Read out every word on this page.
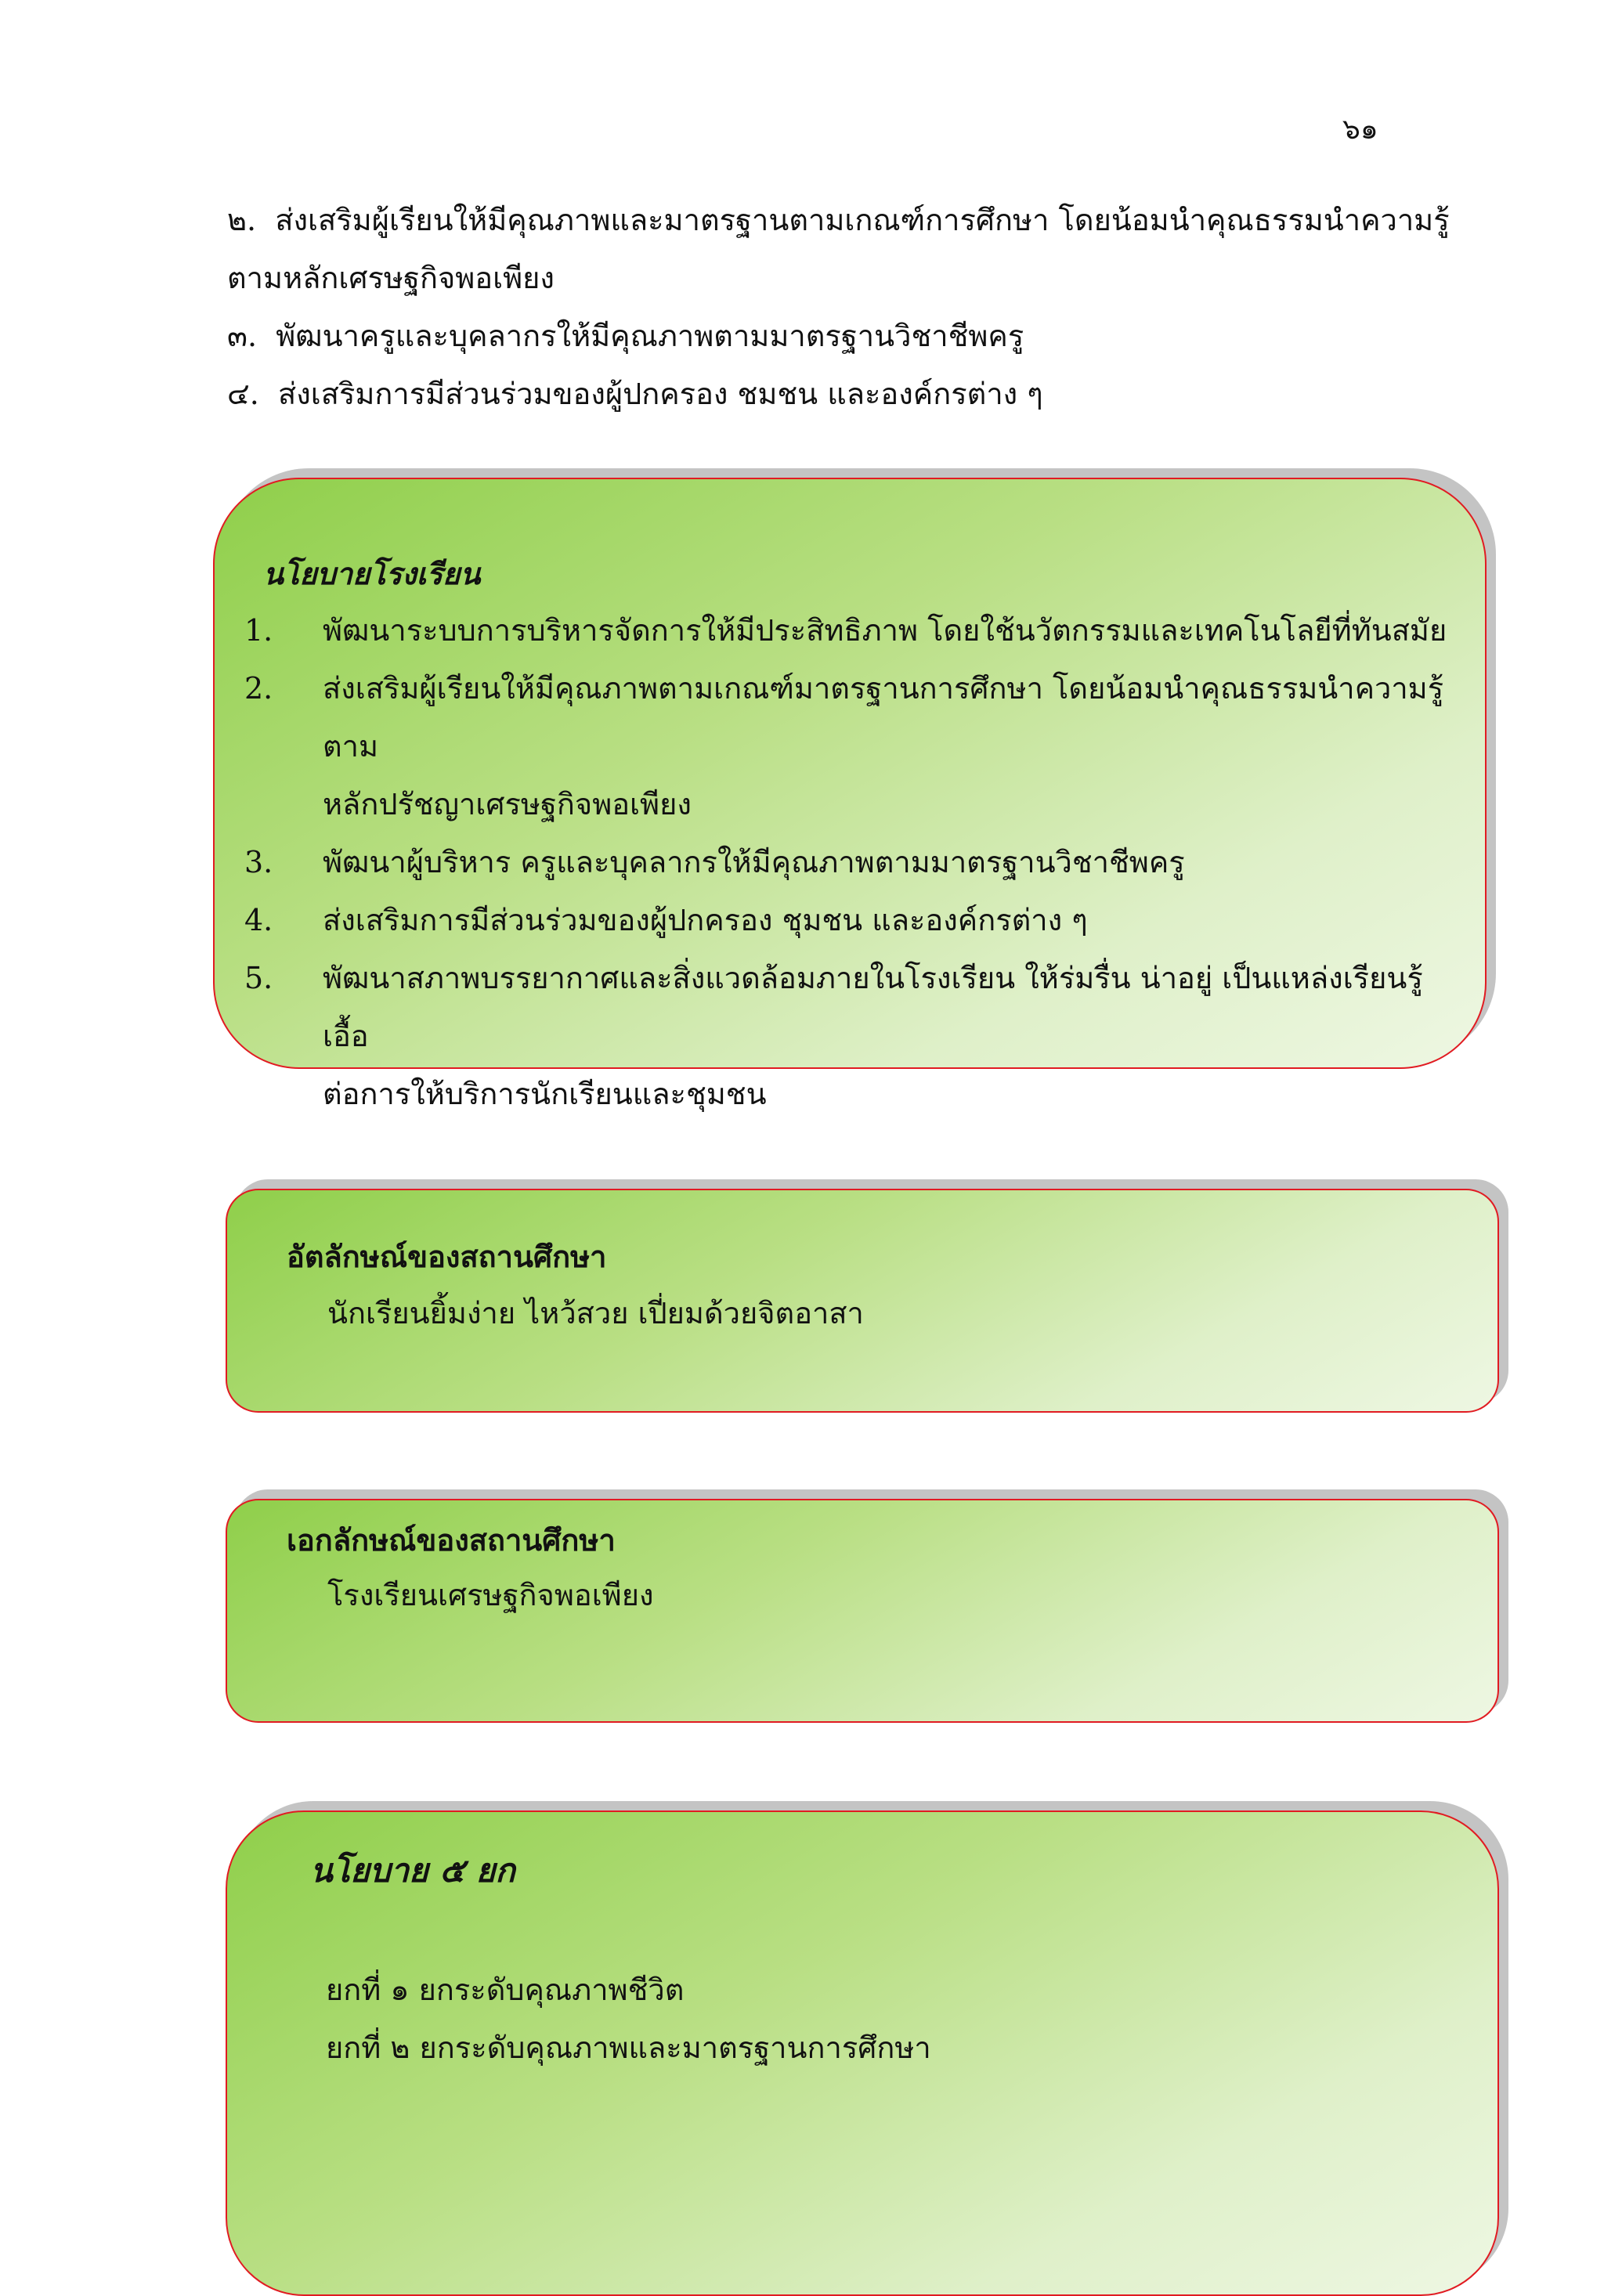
๖๑

๒. ส่งเสริมผู้เรียนให้มีคุณภาพและมาตรฐานตามเกณฑ์การศึกษา โดยน้อมนำคุณธรรมนำความรู้

ตามหลักเศรษฐกิจพอเพียง

๓. พัฒนาครูและบุคลากรให้มีคุณภาพตามมาตรฐานวิชาชีพครู

๔. ส่งเสริมการมีส่วนร่วมของผู้ปกครอง ชมชน และองค์กรต่าง ๆ

นโยบายโรงเรียน
1.	พัฒนาระบบการบริหารจัดการให้มีประสิทธิภาพ โดยใช้นวัตกรรมและเทคโนโลยีที่ทันสมัย
2.	ส่งเสริมผู้เรียนให้มีคุณภาพตามเกณฑ์มาตรฐานการศึกษา โดยน้อมนำคุณธรรมนำความรู้ ตาม
หลักปรัชญาเศรษฐกิจพอเพียง
3.	พัฒนาผู้บริหาร ครูและบุคลากรให้มีคุณภาพตามมาตรฐานวิชาชีพครู
4.	ส่งเสริมการมีส่วนร่วมของผู้ปกครอง ชุมชน และองค์กรต่าง ๆ
5.	พัฒนาสภาพบรรยากาศและสิ่งแวดล้อมภายในโรงเรียน ให้ร่มรื่น น่าอยู่ เป็นแหล่งเรียนรู้ เอื้อ
ต่อการให้บริการนักเรียนและชุมชน
อัตลักษณ์ของสถานศึกษา
นักเรียนยิ้มง่าย ไหว้สวย เปี่ยมด้วยจิตอาสา
เอกลักษณ์ของสถานศึกษา
โรงเรียนเศรษฐกิจพอเพียง
นโยบาย ๕ ยก
ยกที่ ๑ ยกระดับคุณภาพชีวิต
ยกที่ ๒ ยกระดับคุณภาพและมาตรฐานการศึกษา
